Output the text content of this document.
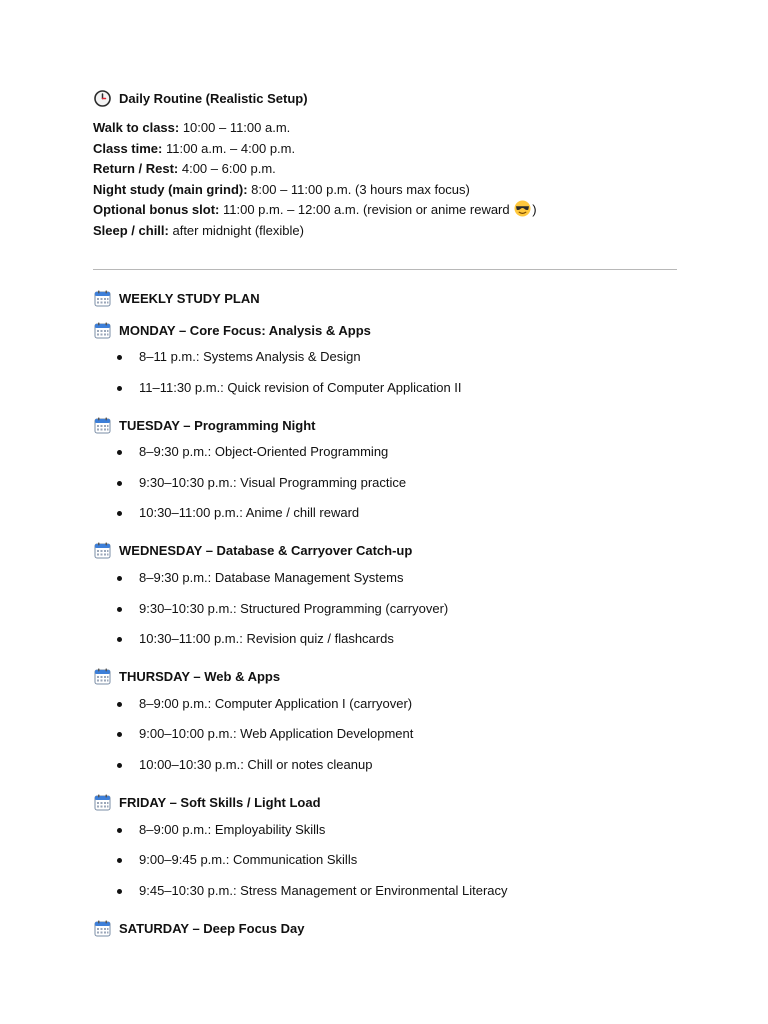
Daily Routine (Realistic Setup)
Walk to class: 10:00 – 11:00 a.m.
Class time: 11:00 a.m. – 4:00 p.m.
Return / Rest: 4:00 – 6:00 p.m.
Night study (main grind): 8:00 – 11:00 p.m. (3 hours max focus)
Optional bonus slot: 11:00 p.m. – 12:00 a.m. (revision or anime reward )
Sleep / chill: after midnight (flexible)
WEEKLY STUDY PLAN
MONDAY – Core Focus: Analysis & Apps
8–11 p.m.: Systems Analysis & Design
11–11:30 p.m.: Quick revision of Computer Application II
TUESDAY – Programming Night
8–9:30 p.m.: Object-Oriented Programming
9:30–10:30 p.m.: Visual Programming practice
10:30–11:00 p.m.: Anime / chill reward
WEDNESDAY – Database & Carryover Catch-up
8–9:30 p.m.: Database Management Systems
9:30–10:30 p.m.: Structured Programming (carryover)
10:30–11:00 p.m.: Revision quiz / flashcards
THURSDAY – Web & Apps
8–9:00 p.m.: Computer Application I (carryover)
9:00–10:00 p.m.: Web Application Development
10:00–10:30 p.m.: Chill or notes cleanup
FRIDAY – Soft Skills / Light Load
8–9:00 p.m.: Employability Skills
9:00–9:45 p.m.: Communication Skills
9:45–10:30 p.m.: Stress Management or Environmental Literacy
SATURDAY – Deep Focus Day
